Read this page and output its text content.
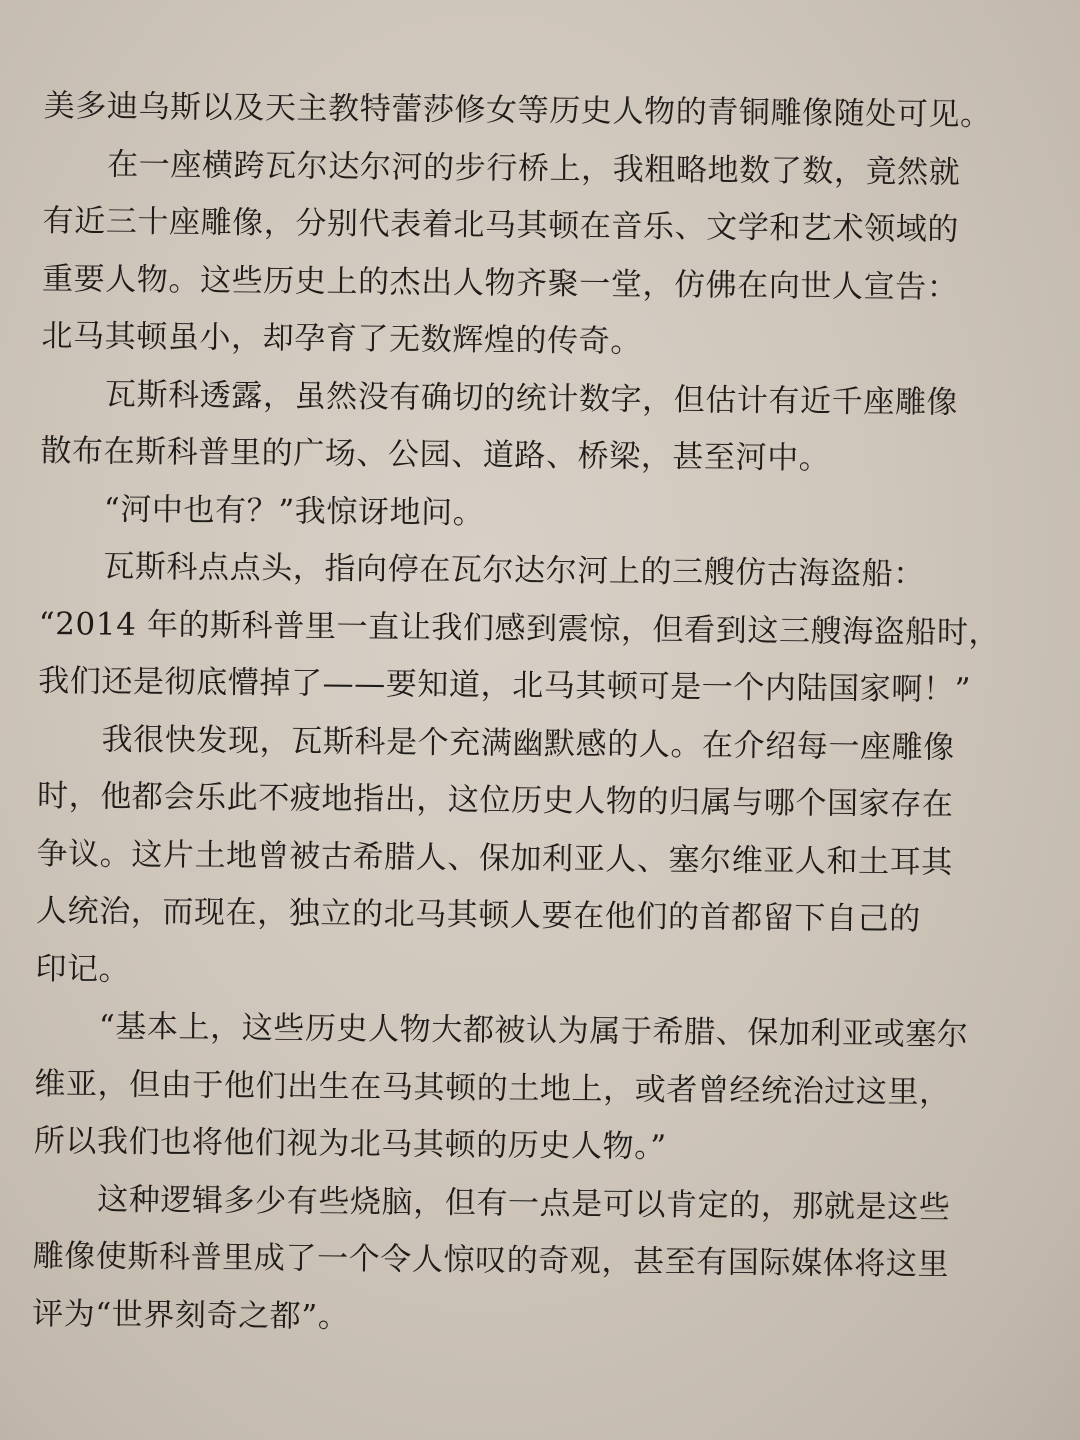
美多迪乌斯以及天主教特蕾莎修女等历史人物的青铜雕像随处可见。
在一座横跨瓦尔达尔河的步行桥上，我粗略地数了数，竟然就
有近三十座雕像，分别代表着北马其顿在音乐、文学和艺术领域的
重要人物。这些历史上的杰出人物齐聚一堂，仿佛在向世人宣告：
北马其顿虽小，却孕育了无数辉煌的传奇。
瓦斯科透露，虽然没有确切的统计数字，但估计有近千座雕像
散布在斯科普里的广场、公园、道路、桥梁，甚至河中。
“河中也有？”我惊讶地问。
瓦斯科点点头，指向停在瓦尔达尔河上的三艘仿古海盗船：
“2014 年的斯科普里一直让我们感到震惊，但看到这三艘海盗船时，
我们还是彻底懵掉了——要知道，北马其顿可是一个内陆国家啊！”
我很快发现，瓦斯科是个充满幽默感的人。在介绍每一座雕像
时，他都会乐此不疲地指出，这位历史人物的归属与哪个国家存在
争议。这片土地曾被古希腊人、保加利亚人、塞尔维亚人和土耳其
人统治，而现在，独立的北马其顿人要在他们的首都留下自己的
印记。
“基本上，这些历史人物大都被认为属于希腊、保加利亚或塞尔
维亚，但由于他们出生在马其顿的土地上，或者曾经统治过这里，
所以我们也将他们视为北马其顿的历史人物。”
这种逻辑多少有些烧脑，但有一点是可以肯定的，那就是这些
雕像使斯科普里成了一个令人惊叹的奇观，甚至有国际媒体将这里
评为“世界刻奇之都”。
